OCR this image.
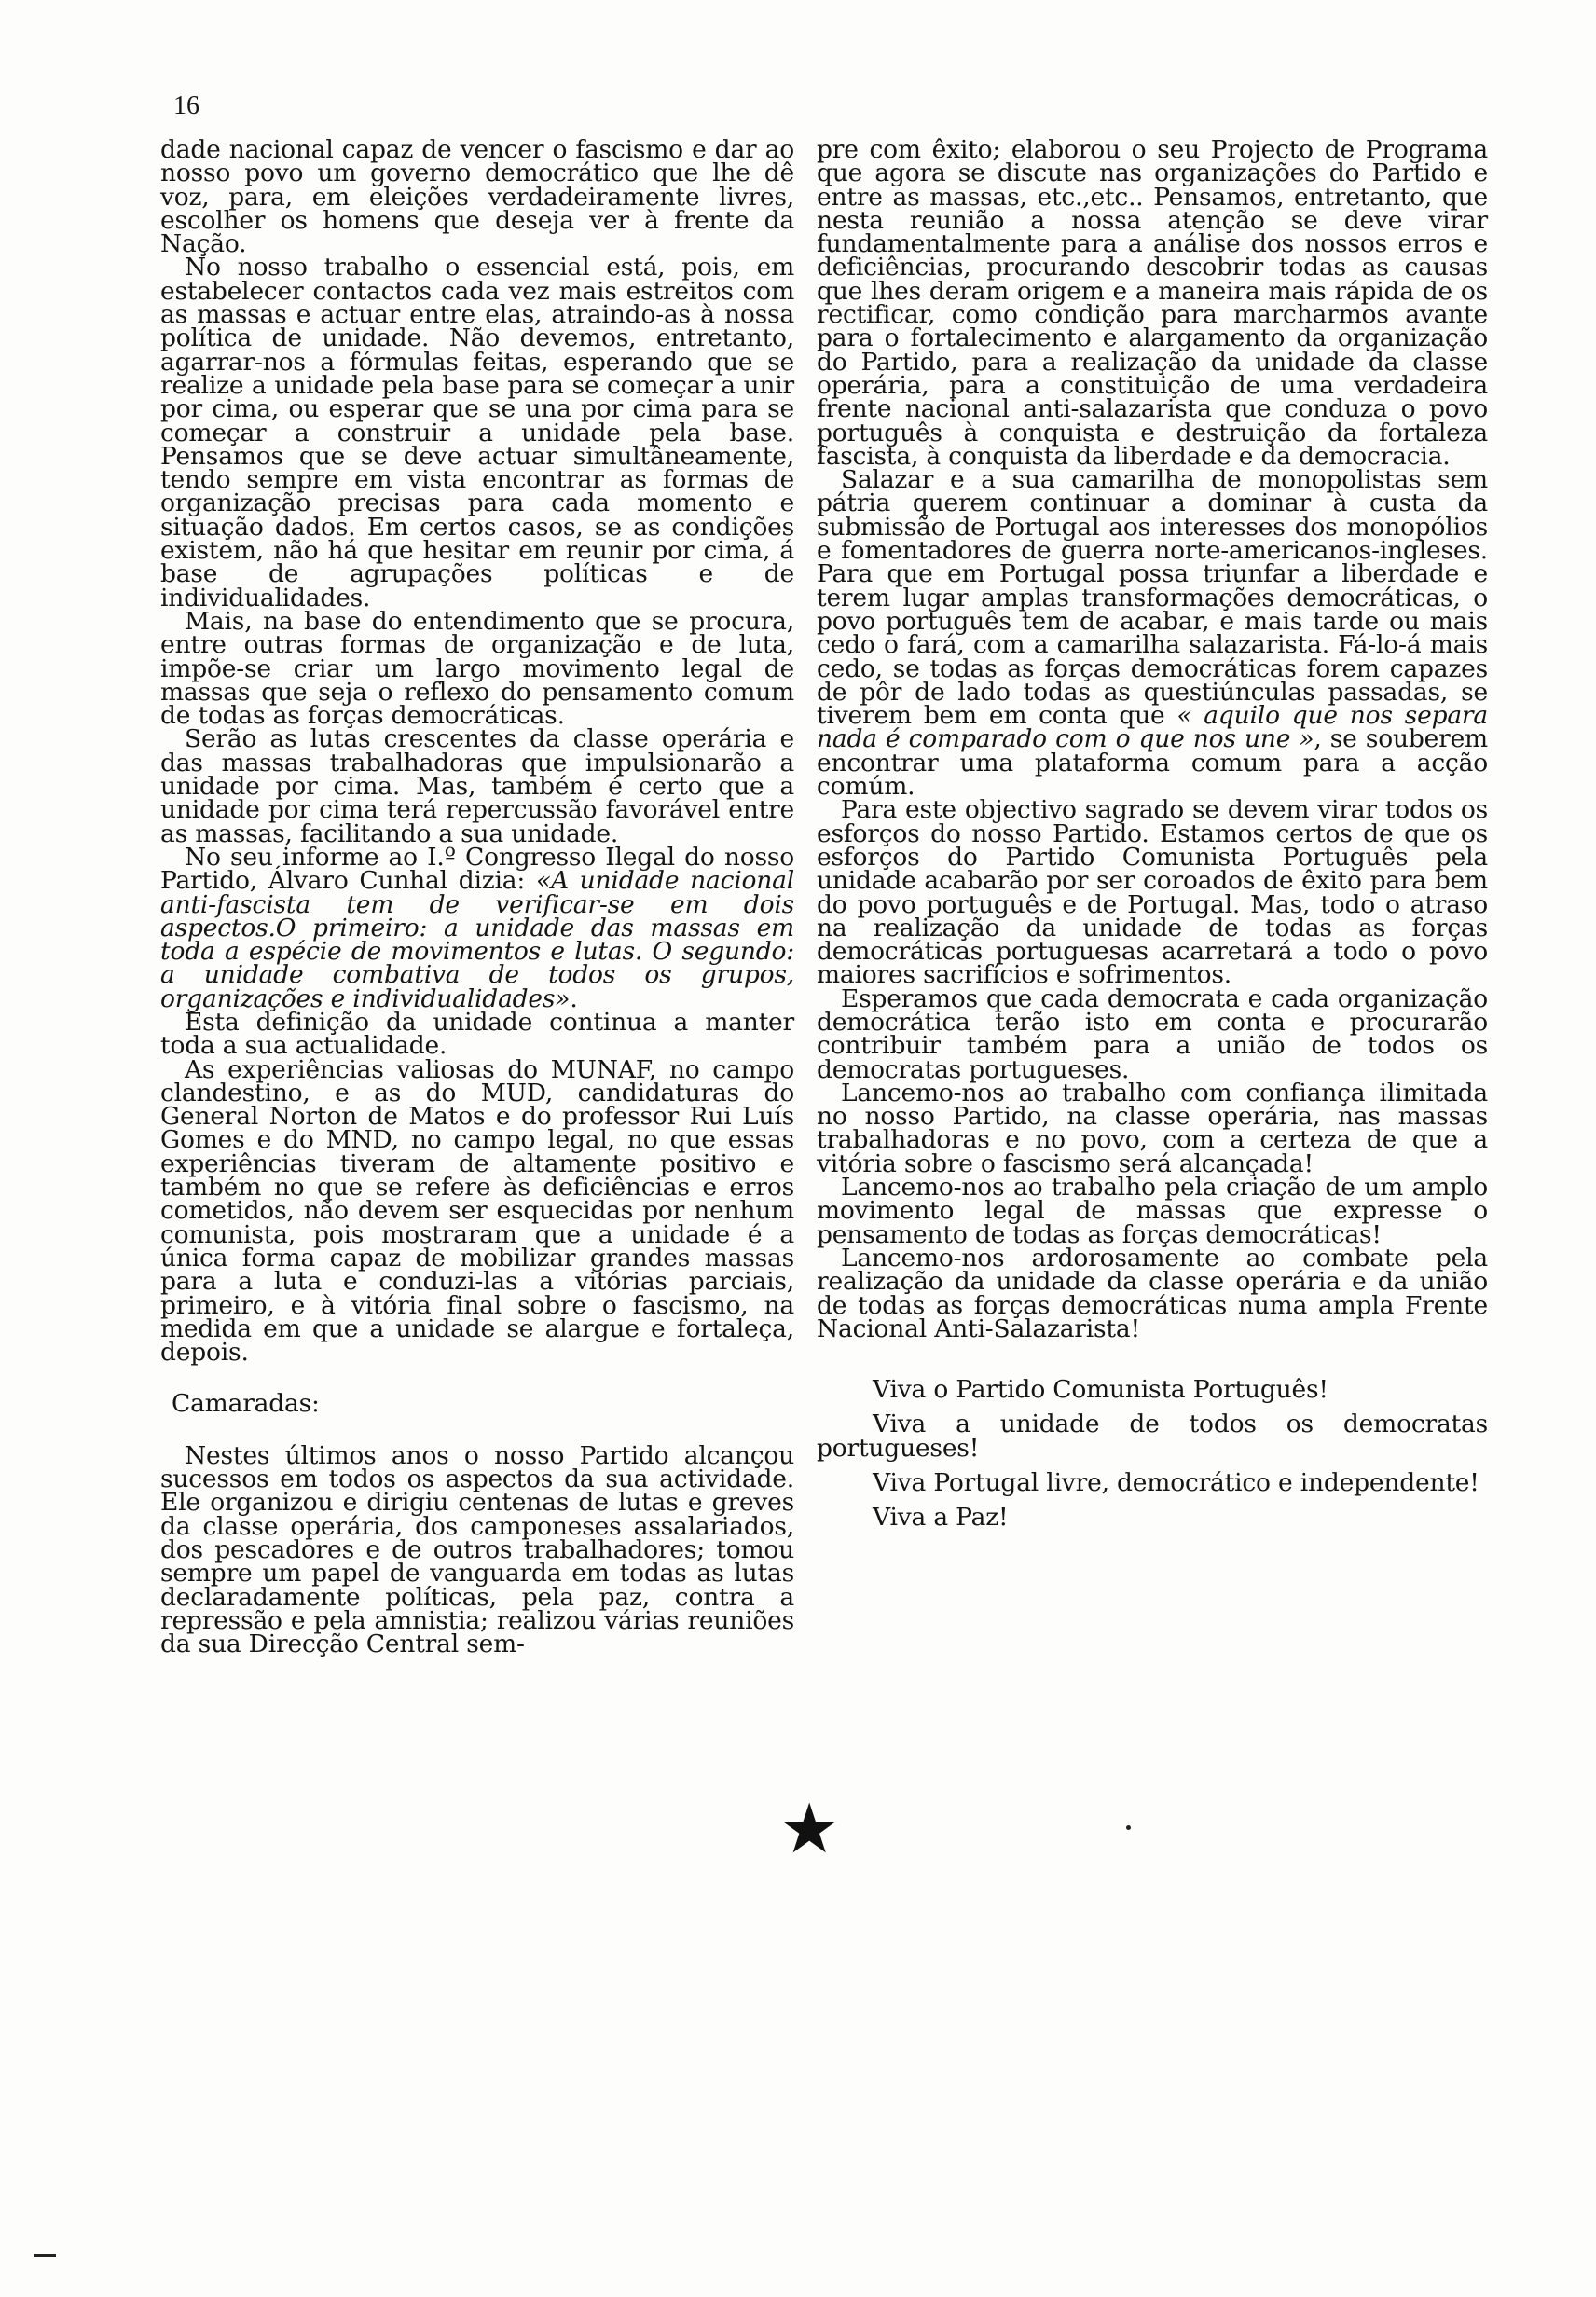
16

dade nacional capaz de vencer o fascismo e dar ao nosso povo um governo democrático que lhe dê voz, para, em eleições verdadeiramente livres, escolher os homens que deseja ver à frente da Nação.

No nosso trabalho o essencial está, pois, em estabelecer contactos cada vez mais estreitos com as massas e actuar entre elas, atraindo-as à nossa política de unidade. Não devemos, entretanto, agarrar-nos a fórmulas feitas, esperando que se realize a unidade pela base para se começar a unir por cima, ou esperar que se una por cima para se começar a construir a unidade pela base. Pensamos que se deve actuar simultâneamente, tendo sempre em vista encontrar as formas de organização precisas para cada momento e situação dados. Em certos casos, se as condições existem, não há que hesitar em reunir por cima, á base de agrupações políticas e de individualidades.

Mais, na base do entendimento que se procura, entre outras formas de organização e de luta, impõe-se criar um largo movimento legal de massas que seja o reflexo do pensamento comum de todas as forças democráticas.

Serão as lutas crescentes da classe operária e das massas trabalhadoras que impulsionarão a unidade por cima. Mas, também é certo que a unidade por cima terá repercussão favorável entre as massas, facilitando a sua unidade.

No seu informe ao I.º Congresso Ilegal do nosso Partido, Álvaro Cunhal dizia: «A unidade nacional anti-fascista tem de verificar-se em dois aspectos.O primeiro: a unidade das massas em toda a espécie de movimentos e lutas. O segundo: a unidade combativa de todos os grupos, organizações e individualidades».

Esta definição da unidade continua a manter toda a sua actualidade.

As experiências valiosas do MUNAF, no campo clandestino, e as do MUD, candidaturas do General Norton de Matos e do professor Rui Luís Gomes e do MND, no campo legal, no que essas experiências tiveram de altamente positivo e também no que se refere às deficiências e erros cometidos, não devem ser esquecidas por nenhum comunista, pois mostraram que a unidade é a única forma capaz de mobilizar grandes massas para a luta e conduzi-las a vitórias parciais, primeiro, e à vitória final sobre o fascismo, na medida em que a unidade se alargue e fortaleça, depois.

Camaradas:

Nestes últimos anos o nosso Partido alcançou sucessos em todos os aspectos da sua actividade. Ele organizou e dirigiu centenas de lutas e greves da classe operária, dos camponeses assalariados, dos pescadores e de outros trabalhadores; tomou sempre um papel de vanguarda em todas as lutas declaradamente políticas, pela paz, contra a repressão e pela amnistia; realizou várias reuniões da sua Direcção Central sem-

pre com êxito; elaborou o seu Projecto de Programa que agora se discute nas organizações do Partido e entre as massas, etc.,etc.. Pensamos, entretanto, que nesta reunião a nossa atenção se deve virar fundamentalmente para a análise dos nossos erros e deficiências, procurando descobrir todas as causas que lhes deram origem e a maneira mais rápida de os rectificar, como condição para marcharmos avante para o fortalecimento e alargamento da organização do Partido, para a realização da unidade da classe operária, para a constituição de uma verdadeira frente nacional anti-salazarista que conduza o povo português à conquista e destruição da fortaleza fascista, à conquista da liberdade e da democracia.

Salazar e a sua camarilha de monopolistas sem pátria querem continuar a dominar à custa da submissão de Portugal aos interesses dos monopólios e fomentadores de guerra norte-americanos-ingleses. Para que em Portugal possa triunfar a liberdade e terem lugar amplas transformações democráticas, o povo português tem de acabar, e mais tarde ou mais cedo o fará, com a camarilha salazarista. Fá-lo-á mais cedo, se todas as forças democráticas forem capazes de pôr de lado todas as questiúnculas passadas, se tiverem bem em conta que « aquilo que nos separa nada é comparado com o que nos une », se souberem encontrar uma plataforma comum para a acção comúm.

Para este objectivo sagrado se devem virar todos os esforços do nosso Partido. Estamos certos de que os esforços do Partido Comunista Português pela unidade acabarão por ser coroados de êxito para bem do povo português e de Portugal. Mas, todo o atraso na realização da unidade de todas as forças democráticas portuguesas acarretará a todo o povo maiores sacrifícios e sofrimentos.

Esperamos que cada democrata e cada organização democrática terão isto em conta e procurarão contribuir também para a união de todos os democratas portugueses.

Lancemo-nos ao trabalho com confiança ilimitada no nosso Partido, na classe operária, nas massas trabalhadoras e no povo, com a certeza de que a vitória sobre o fascismo será alcançada!

Lancemo-nos ao trabalho pela criação de um amplo movimento legal de massas que expresse o pensamento de todas as forças democráticas!

Lancemo-nos ardorosamente ao combate pela realização da unidade da classe operária e da união de todas as forças democráticas numa ampla Frente Nacional Anti-Salazarista!

Viva o Partido Comunista Português!

Viva a unidade de todos os democratas portugueses!

Viva Portugal livre, democrático e independente!

Viva a Paz!

★
